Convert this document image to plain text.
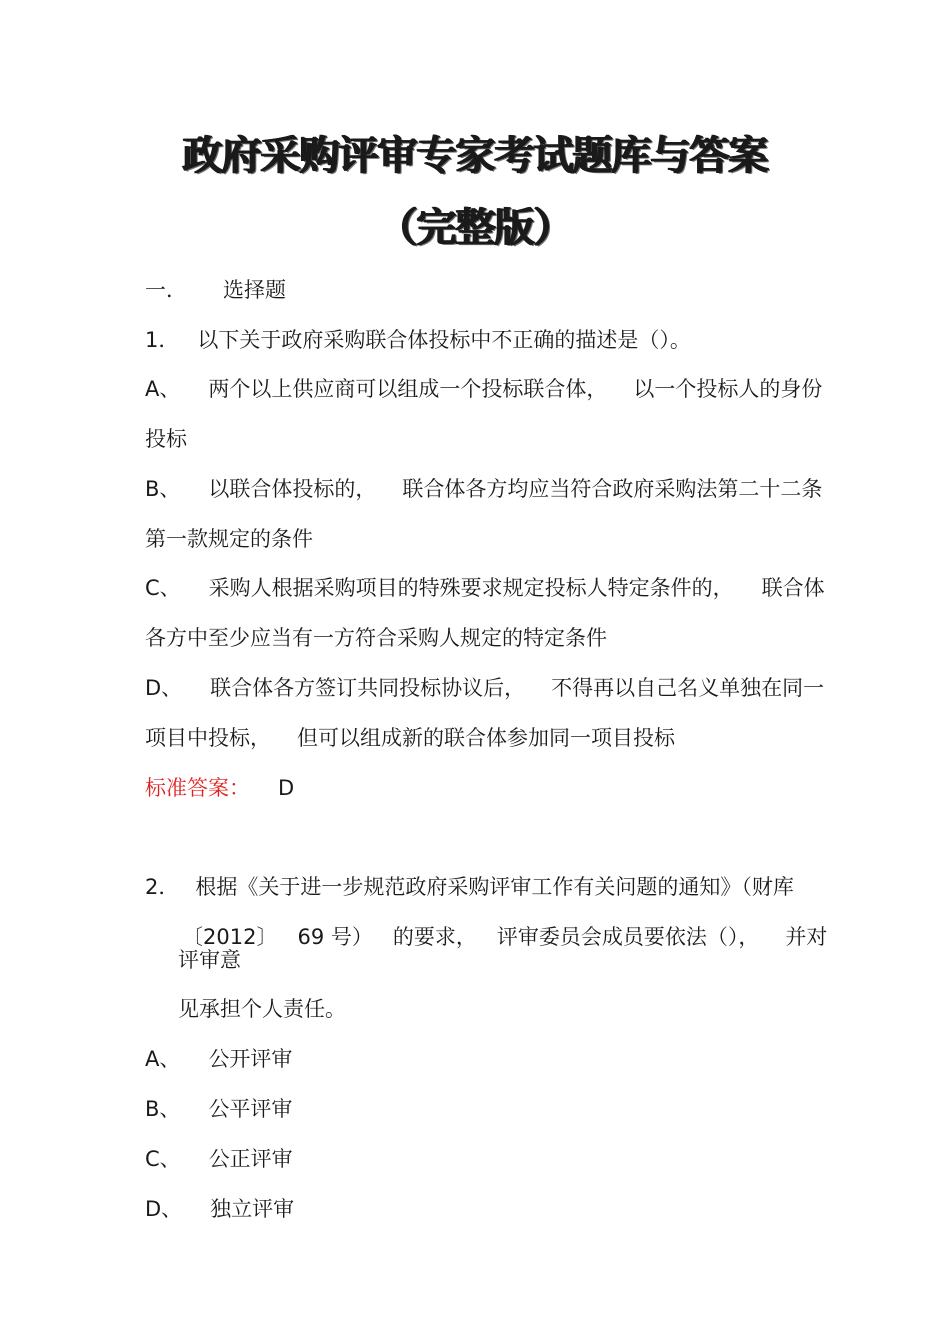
政府采购评审专家考试题库与答案
（完整版）
一． 选择题
1． 以下关于政府采购联合体投标中不正确的描述是（）。
A、 两个以上供应商可以组成一个投标联合体， 以一个投标人的身份
投标
B、 以联合体投标的， 联合体各方均应当符合政府采购法第二十二条
第一款规定的条件
C、 采购人根据采购项目的特殊要求规定投标人特定条件的， 联合体
各方中至少应当有一方符合采购人规定的特定条件
D、 联合体各方签订共同投标协议后， 不得再以自己名义单独在同一
项目中投标， 但可以组成新的联合体参加同一项目投标
标准答案： D
2． 根据《关于进一步规范政府采购评审工作有关问题的通知》（财库
〔2012〕 69 号） 的要求， 评审委员会成员要依法（）， 并对
评审意
见承担个人责任。
A、 公开评审
B、 公平评审
C、 公正评审
D、 独立评审
